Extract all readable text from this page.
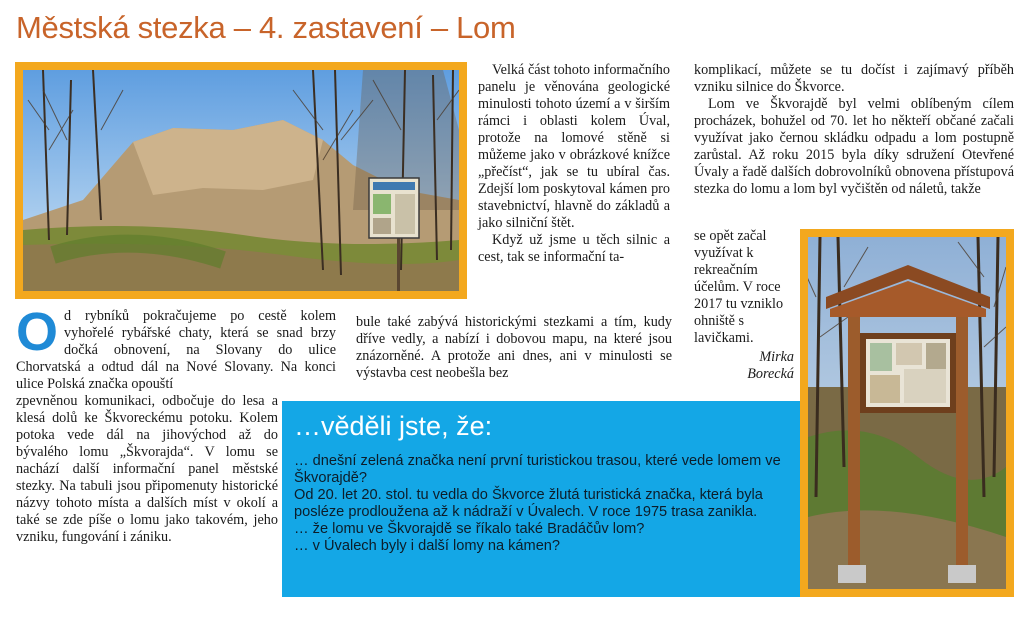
Městská stezka – 4. zastavení – Lom

Velká část tohoto informačního panelu je věnována geologické minulosti tohoto území a v širším rámci i oblasti kolem Úval, protože na lomové stěně si můžeme jako v obrázkové knížce „přečíst“, jak se tu ubíral čas. Zdejší lom poskytoval kámen pro stavebnictví, hlavně do základů a jako silniční štět.

Když už jsme u těch silnic a cest, tak se informační ta-

bule také zabývá historickými stezkami a tím, kudy dříve vedly, a nabízí i dobovou mapu, na které jsou znázorněné. A protože ani dnes, ani v minulosti se výstavba cest neobešla bez

komplikací, můžete se tu dočíst i zajímavý příběh vzniku silnice do Škvorce.

Lom ve Škvorajdě byl velmi oblíbeným cílem procházek, bohužel od 70. let ho někteří občané začali využívat jako černou skládku odpadu a lom postupně zarůstal. Až roku 2015 byla díky sdružení Otevřené Úvaly a řadě dalších dobrovolníků obnovena přístupová stezka do lomu a lom byl vyčištěn od náletů, takže

se opět začal využívat k rekreačním účelům. V roce 2017 tu vzniklo ohniště s lavičkami.

Mirka

Borecká

O d rybníků pokračujeme po cestě kolem vyhořelé rybářské chaty, která se snad brzy dočká obnovení, na Slovany do ulice Chorvatská a odtud dál na Nové Slovany. Na konci ulice Polská značka opouští

zpevněnou komunikaci, odbočuje do lesa a klesá dolů ke Škvoreckému potoku. Kolem potoka vede dál na jihovýchod až do bývalého lomu „Škvorajda“. V lomu se nachází další informační panel městské stezky. Na tabuli jsou připomenuty historické názvy tohoto místa a dalších míst v okolí a také se zde píše o lomu jako takovém, jeho vzniku, fungování i zániku.

…věděli jste, že:

… dnešní zelená značka není první turistickou trasou, které vede lomem ve Škvorajdě?

Od 20. let 20. stol. tu vedla do Škvorce žlutá turistická značka, která byla posléze prodloužena až k nádraží v Úvalech. V roce 1975 trasa zanikla.

… že lomu ve Škvorajdě se říkalo také Bradáčův lom?

… v Úvalech byly i další lomy na kámen?
